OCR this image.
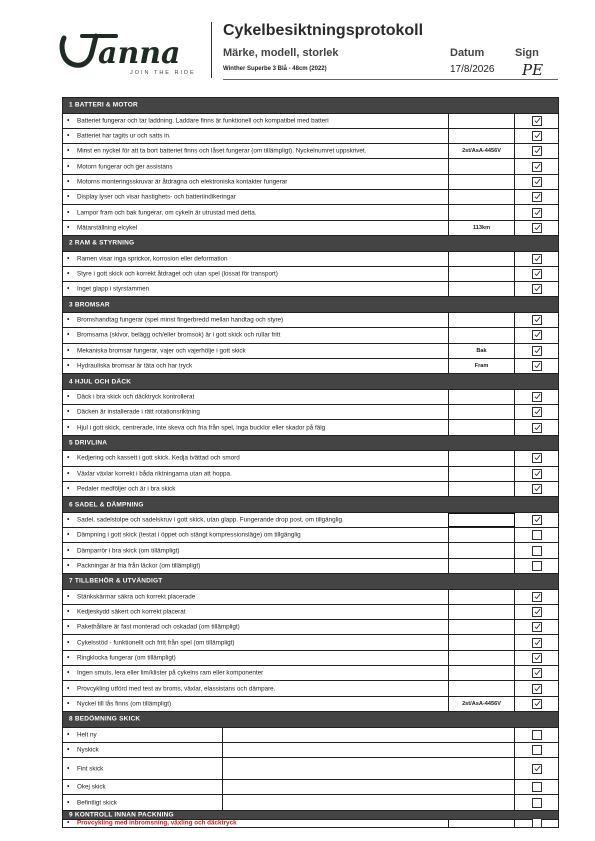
anna
JOIN THE RIDE
Cykelbesiktningsprotokoll
Märke, modell, storlek	Datum	Sign
Winther Superbe 3 Blå - 48cm (2022)	17/8/2026 PE
1 BATTERI & MOTOR
• Batteriet fungerar och tar laddning. Laddare finns är funktionell och kompatibel med batteri
• Batteriet har tagits ur och satts in.
• Minst en nyckel för att ta bort batteriet finns och låset fungerar (om tillämpligt). Nyckelnumret uppskrivet.	2st/AsA-4456V
• Motorn fungerar och ger assistans
• Motorns monteringsskruvar är åtdragna och elektroniska kontakter fungerar
• Display lyser och visar hastighets- och batteriindikeringar
• Lampor fram och bak fungerar, om cykeln är utrustad med detta.
• Mätarställning elcykel	113km
2 RAM & STYRNING
• Ramen visar inga sprickor, korrosion eller deformation
• Styre i gott skick och korrekt åtdraget och utan spel (lossat för transport)
• Inget glapp i styrstammen
3 BROMSAR
• Bromshandtag fungerar (spel minst fingerbredd mellan handtag och styre)
• Bromsarna (skivor, belägg och/eller bromsok) är i gott skick och rullar fritt
• Mekaniska bromsar fungerar, vajer och vajerhölje i gott skick	Bak
• Hydrauliska bromsar är täta och har tryck	Fram
4 HJUL OCH DÄCK
• Däck i bra skick och däcktryck kontrollerat
• Däcken är installerade i rätt rotationsriktning
• Hjul i gott skick, centrerade, inte skeva och fria från spel, inga bucklor eller skador på fälg
5 DRIVLINA
• Kedjering och kassett i gott skick. Kedja tvättad och smord
• Växlar växlar korrekt i båda riktningarna utan att hoppa.
• Pedaler medföljer och är i bra skick
6 SADEL & DÄMPNING
• Sadel, sadelstolpe och sadelskruv i gott skick, utan glapp. Fungerande drop post, om tillgänglig.
• Dämpning i gott skick (testat i öppet och stängt kompressionsläge) om tillgänglig
• Dämparrör i bra skick (om tillämpligt)
• Packningar är fria från läckor (om tillämpligt)
7 TILLBEHÖR & UTVÄNDIGT
• Stänkskärmar säkra och korrekt placerade
• Kedjeskydd säkert och korrekt placerat
• Pakethållare är fast monterad och oskadad (om tillämpligt)
• Cykelsstöd - funktionellt och fritt från spel (om tillämpligt)
• Ringklocka fungerar (om tillämpligt)
• Ingen smuts, lera eller lim/klister på cykelns ram eller komponenter
• Provcykling utförd med test av broms, växlar, elassistans och dämpare.
• Nyckel till lås finns (om tillämpligt)	2st/AsA-4456V
8 BEDÖMNING SKICK
• Helt ny
• Nyskick
• Fint skick
• Okej skick
• Befintligt skick
9 KONTROLL INNAN PACKNING
• Provcykling med inbromsning, växling och däcktryck
